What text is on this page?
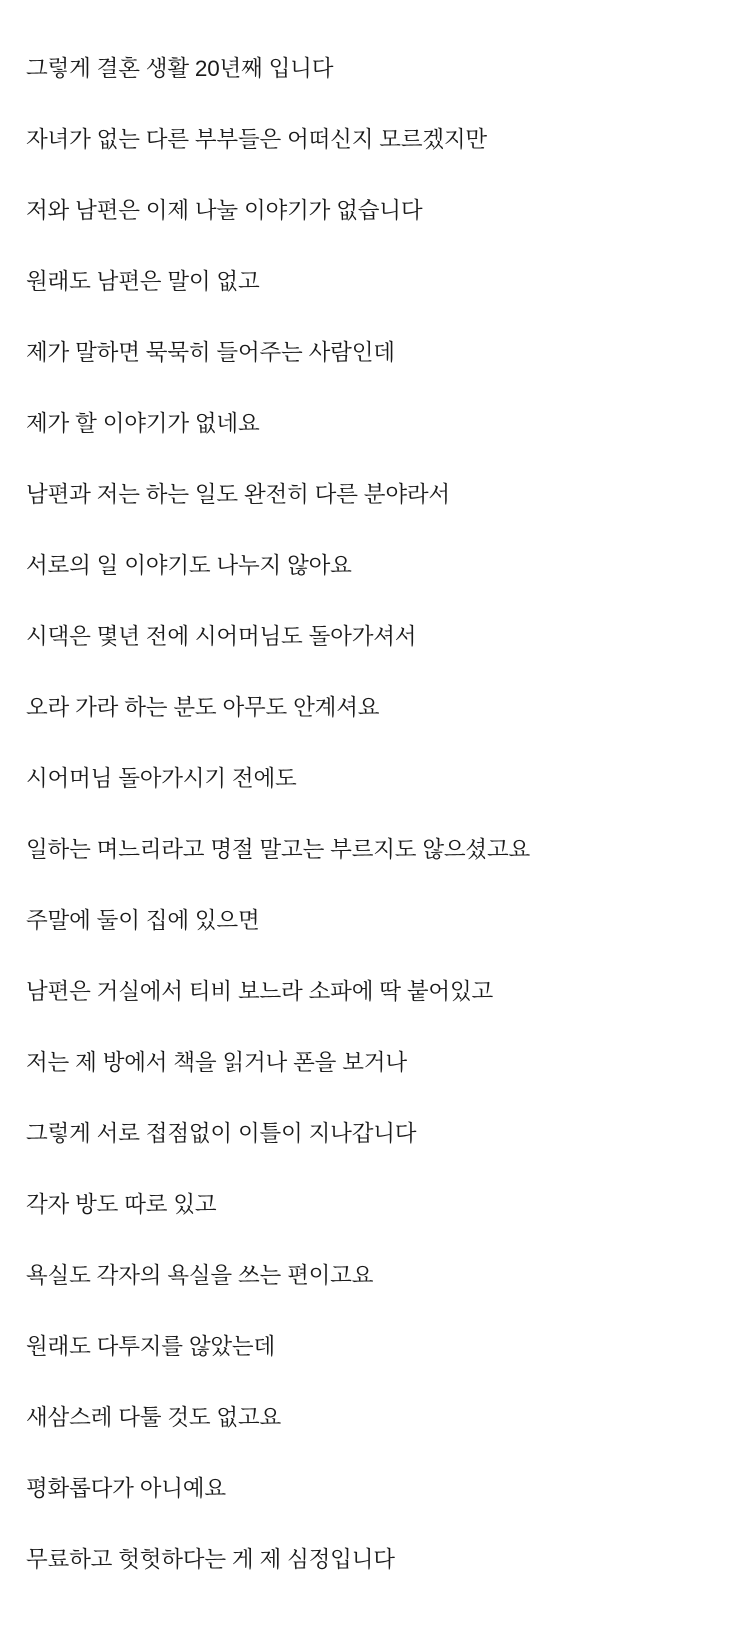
그렇게 결혼 생활 20년째 입니다

자녀가 없는 다른 부부들은 어떠신지 모르겠지만

저와 남편은 이제 나눌 이야기가 없습니다

원래도 남편은 말이 없고

제가 말하면 묵묵히 들어주는 사람인데

제가 할 이야기가 없네요

남편과 저는 하는 일도 완전히 다른 분야라서

서로의 일 이야기도 나누지 않아요

시댁은 몇년 전에 시어머님도 돌아가셔서

오라 가라 하는 분도 아무도 안계셔요

시어머님 돌아가시기 전에도

일하는 며느리라고 명절 말고는 부르지도 않으셨고요

주말에 둘이 집에 있으면

남편은 거실에서 티비 보느라 소파에 딱 붙어있고

저는 제 방에서 책을 읽거나 폰을 보거나

그렇게 서로 접점없이 이틀이 지나갑니다

각자 방도 따로 있고

욕실도 각자의 욕실을 쓰는 편이고요

원래도 다투지를 않았는데

새삼스레 다툴 것도 없고요

평화롭다가 아니예요

무료하고 헛헛하다는 게 제 심정입니다
